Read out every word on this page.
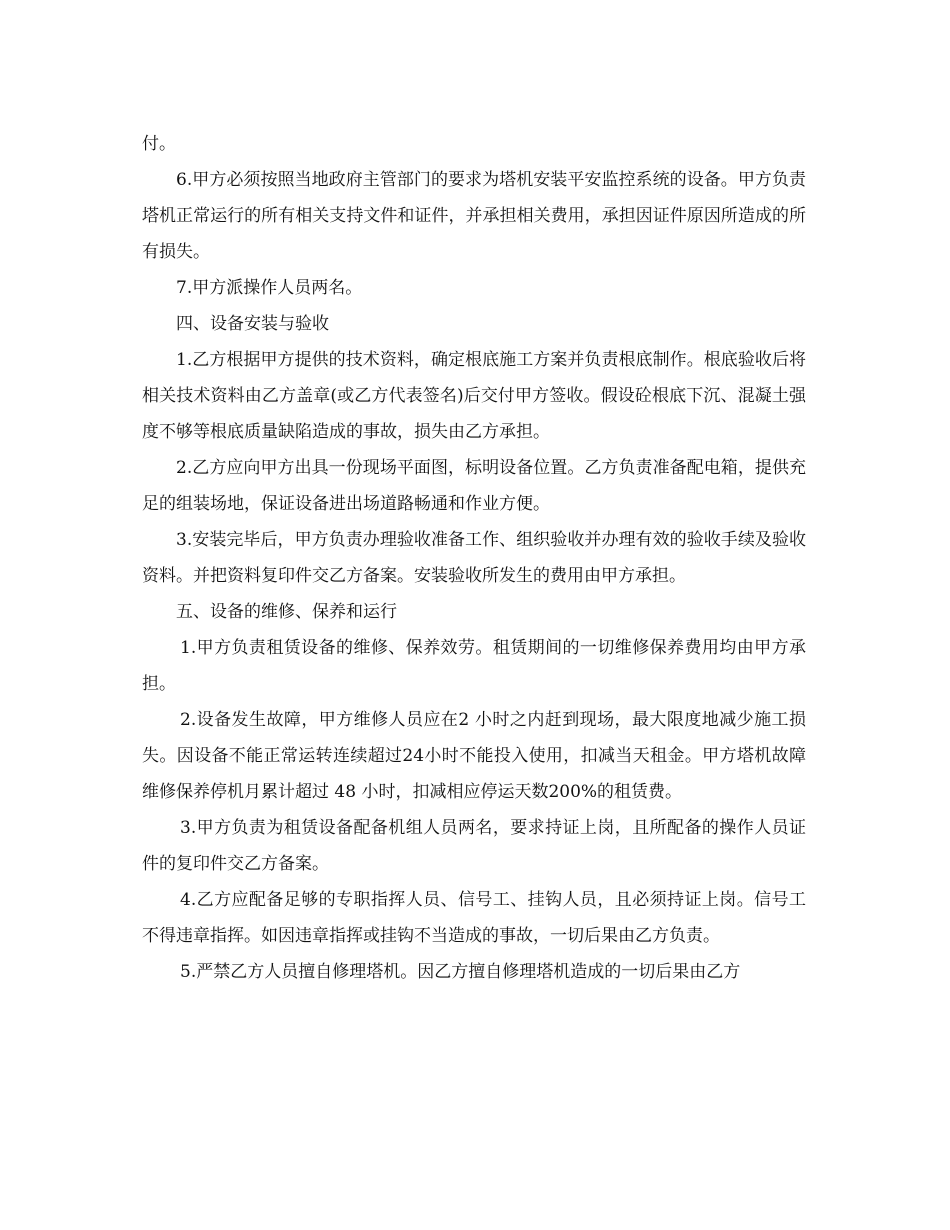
付。

6.甲方必须按照当地政府主管部门的要求为塔机安装平安监控系统的设备。甲方负责塔机正常运行的所有相关支持文件和证件，并承担相关费用，承担因证件原因所造成的所有损失。

7.甲方派操作人员两名。

四、设备安装与验收

1.乙方根据甲方提供的技术资料，确定根底施工方案并负责根底制作。根底验收后将相关技术资料由乙方盖章(或乙方代表签名)后交付甲方签收。假设砼根底下沉、混凝土强度不够等根底质量缺陷造成的事故，损失由乙方承担。

2.乙方应向甲方出具一份现场平面图，标明设备位置。乙方负责准备配电箱，提供充足的组装场地，保证设备进出场道路畅通和作业方便。

3.安装完毕后，甲方负责办理验收准备工作、组织验收并办理有效的验收手续及验收资料。并把资料复印件交乙方备案。安装验收所发生的费用由甲方承担。

五、设备的维修、保养和运行

1.甲方负责租赁设备的维修、保养效劳。租赁期间的一切维修保养费用均由甲方承担。

2.设备发生故障，甲方维修人员应在2 小时之内赶到现场，最大限度地减少施工损失。因设备不能正常运转连续超过24小时不能投入使用，扣减当天租金。甲方塔机故障维修保养停机月累计超过 48 小时，扣减相应停运天数200%的租赁费。

3.甲方负责为租赁设备配备机组人员两名，要求持证上岗，且所配备的操作人员证件的复印件交乙方备案。

4.乙方应配备足够的专职指挥人员、信号工、挂钩人员，且必须持证上岗。信号工不得违章指挥。如因违章指挥或挂钩不当造成的事故，一切后果由乙方负责。

5.严禁乙方人员擅自修理塔机。因乙方擅自修理塔机造成的一切后果由乙方
